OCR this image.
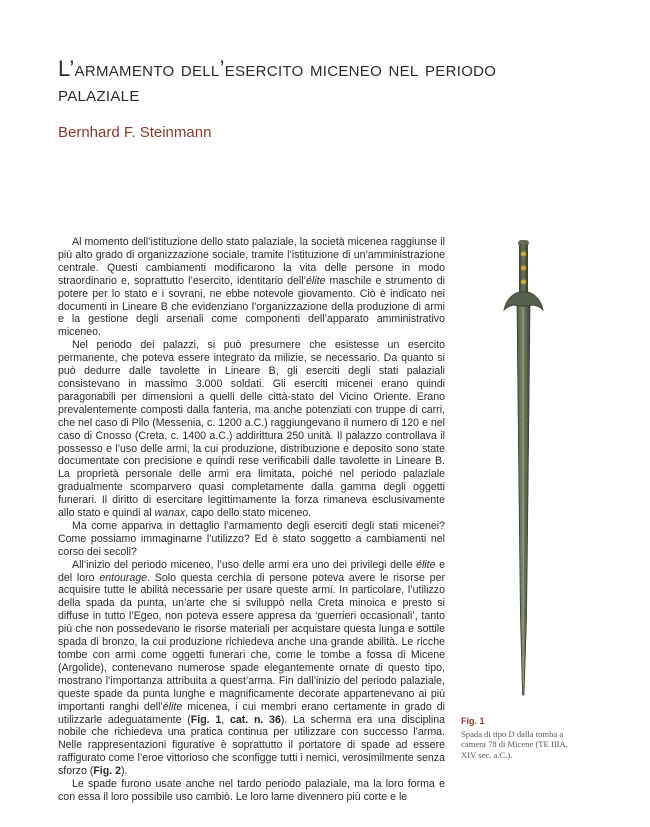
L’armamento dell’esercito miceneo nel periodo palaziale

Bernhard F. Steinmann

Al momento dell’istituzione dello stato palaziale, la società micenea raggiunse il più alto grado di organizzazione sociale, tramite l’istituzione di un’amministrazione centrale. Questi cambiamenti modificarono la vita delle persone in modo straordinario e, soprattutto l’esercito, identitario dell’élite maschile e strumento di potere per lo stato e i sovrani, ne ebbe notevole giovamento. Ciò è indicato nei documenti in Lineare B che evidenziano l’organizzazione della produzione di armi e la gestione degli arsenali come componenti dell’apparato amministrativo miceneo.

Nel periodo dei palazzi, si può presumere che esistesse un esercito permanente, che poteva essere integrato da milizie, se necessario. Da quanto si può dedurre dalle tavolette in Lineare B, gli eserciti degli stati palaziali consistevano in massimo 3.000 soldati. Gli eserciti micenei erano quindi paragonabili per dimensioni a quelli delle città-stato del Vicino Oriente. Erano prevalentemente composti dalla fanteria, ma anche potenziati con truppe di carri, che nel caso di Pilo (Messenia, c. 1200 a.C.) raggiungevano il numero di 120 e nel caso di Cnosso (Creta, c. 1400 a.C.) addirittura 250 unità. Il palazzo controllava il possesso e l’uso delle armi, la cui produzione, distribuzione e deposito sono state documentate con precisione e quindi rese verificabili dalle tavolette in Lineare B. La proprietà personale delle armi era limitata, poiché nel periodo palaziale gradualmente scomparvero quasi completamente dalla gamma degli oggetti funerari. Il diritto di esercitare legittimamente la forza rimaneva esclusivamente allo stato e quindi al wanax, capo dello stato miceneo.

Ma come appariva in dettaglio l’armamento degli eserciti degli stati micenei? Come possiamo immaginarne l’utilizzo? Ed è stato soggetto a cambiamenti nel corso dei secoli?

All’inizio del periodo miceneo, l’uso delle armi era uno dei privilegi delle élite e del loro entourage. Solo questa cerchia di persone poteva avere le risorse per acquisire tutte le abilità necessarie per usare queste armi. In particolare, l’utilizzo della spada da punta, un’arte che si sviluppò nella Creta minoica e presto si diffuse in tutto l’Egeo, non poteva essere appresa da ‘guerrieri occasionali’, tanto più che non possedevano le risorse materiali per acquistare questa lunga e sottile spada di bronzo, la cui produzione richiedeva anche una grande abilità. Le ricche tombe con armi come oggetti funerari che, come le tombe a fossa di Micene (Argolide), contenevano numerose spade elegantemente ornate di questo tipo, mostrano l’importanza attribuita a quest’arma. Fin dall’inizio del periodo palaziale, queste spade da punta lunghe e magnificamente decorate appartenevano ai più importanti ranghi dell’élite micenea, i cui membri erano certamente in grado di utilizzarle adeguatamente (Fig. 1, cat. n. 36). La scherma era una disciplina nobile che richiedeva una pratica continua per utilizzare con successo l’arma. Nelle rappresentazioni figurative è soprattutto il portatore di spade ad essere raffigurato come l’eroe vittorioso che sconfigge tutti i nemici, verosimilmente senza sforzo (Fig. 2).

Le spade furono usate anche nel tardo periodo palaziale, ma la loro forma e con essa il loro possibile uso cambiò. Le loro lame divennero più corte e le

Fig. 1
Spada di tipo D dalla tomba a camera 78 di Micene (TE IIIA, XIV sec. a.C.).
